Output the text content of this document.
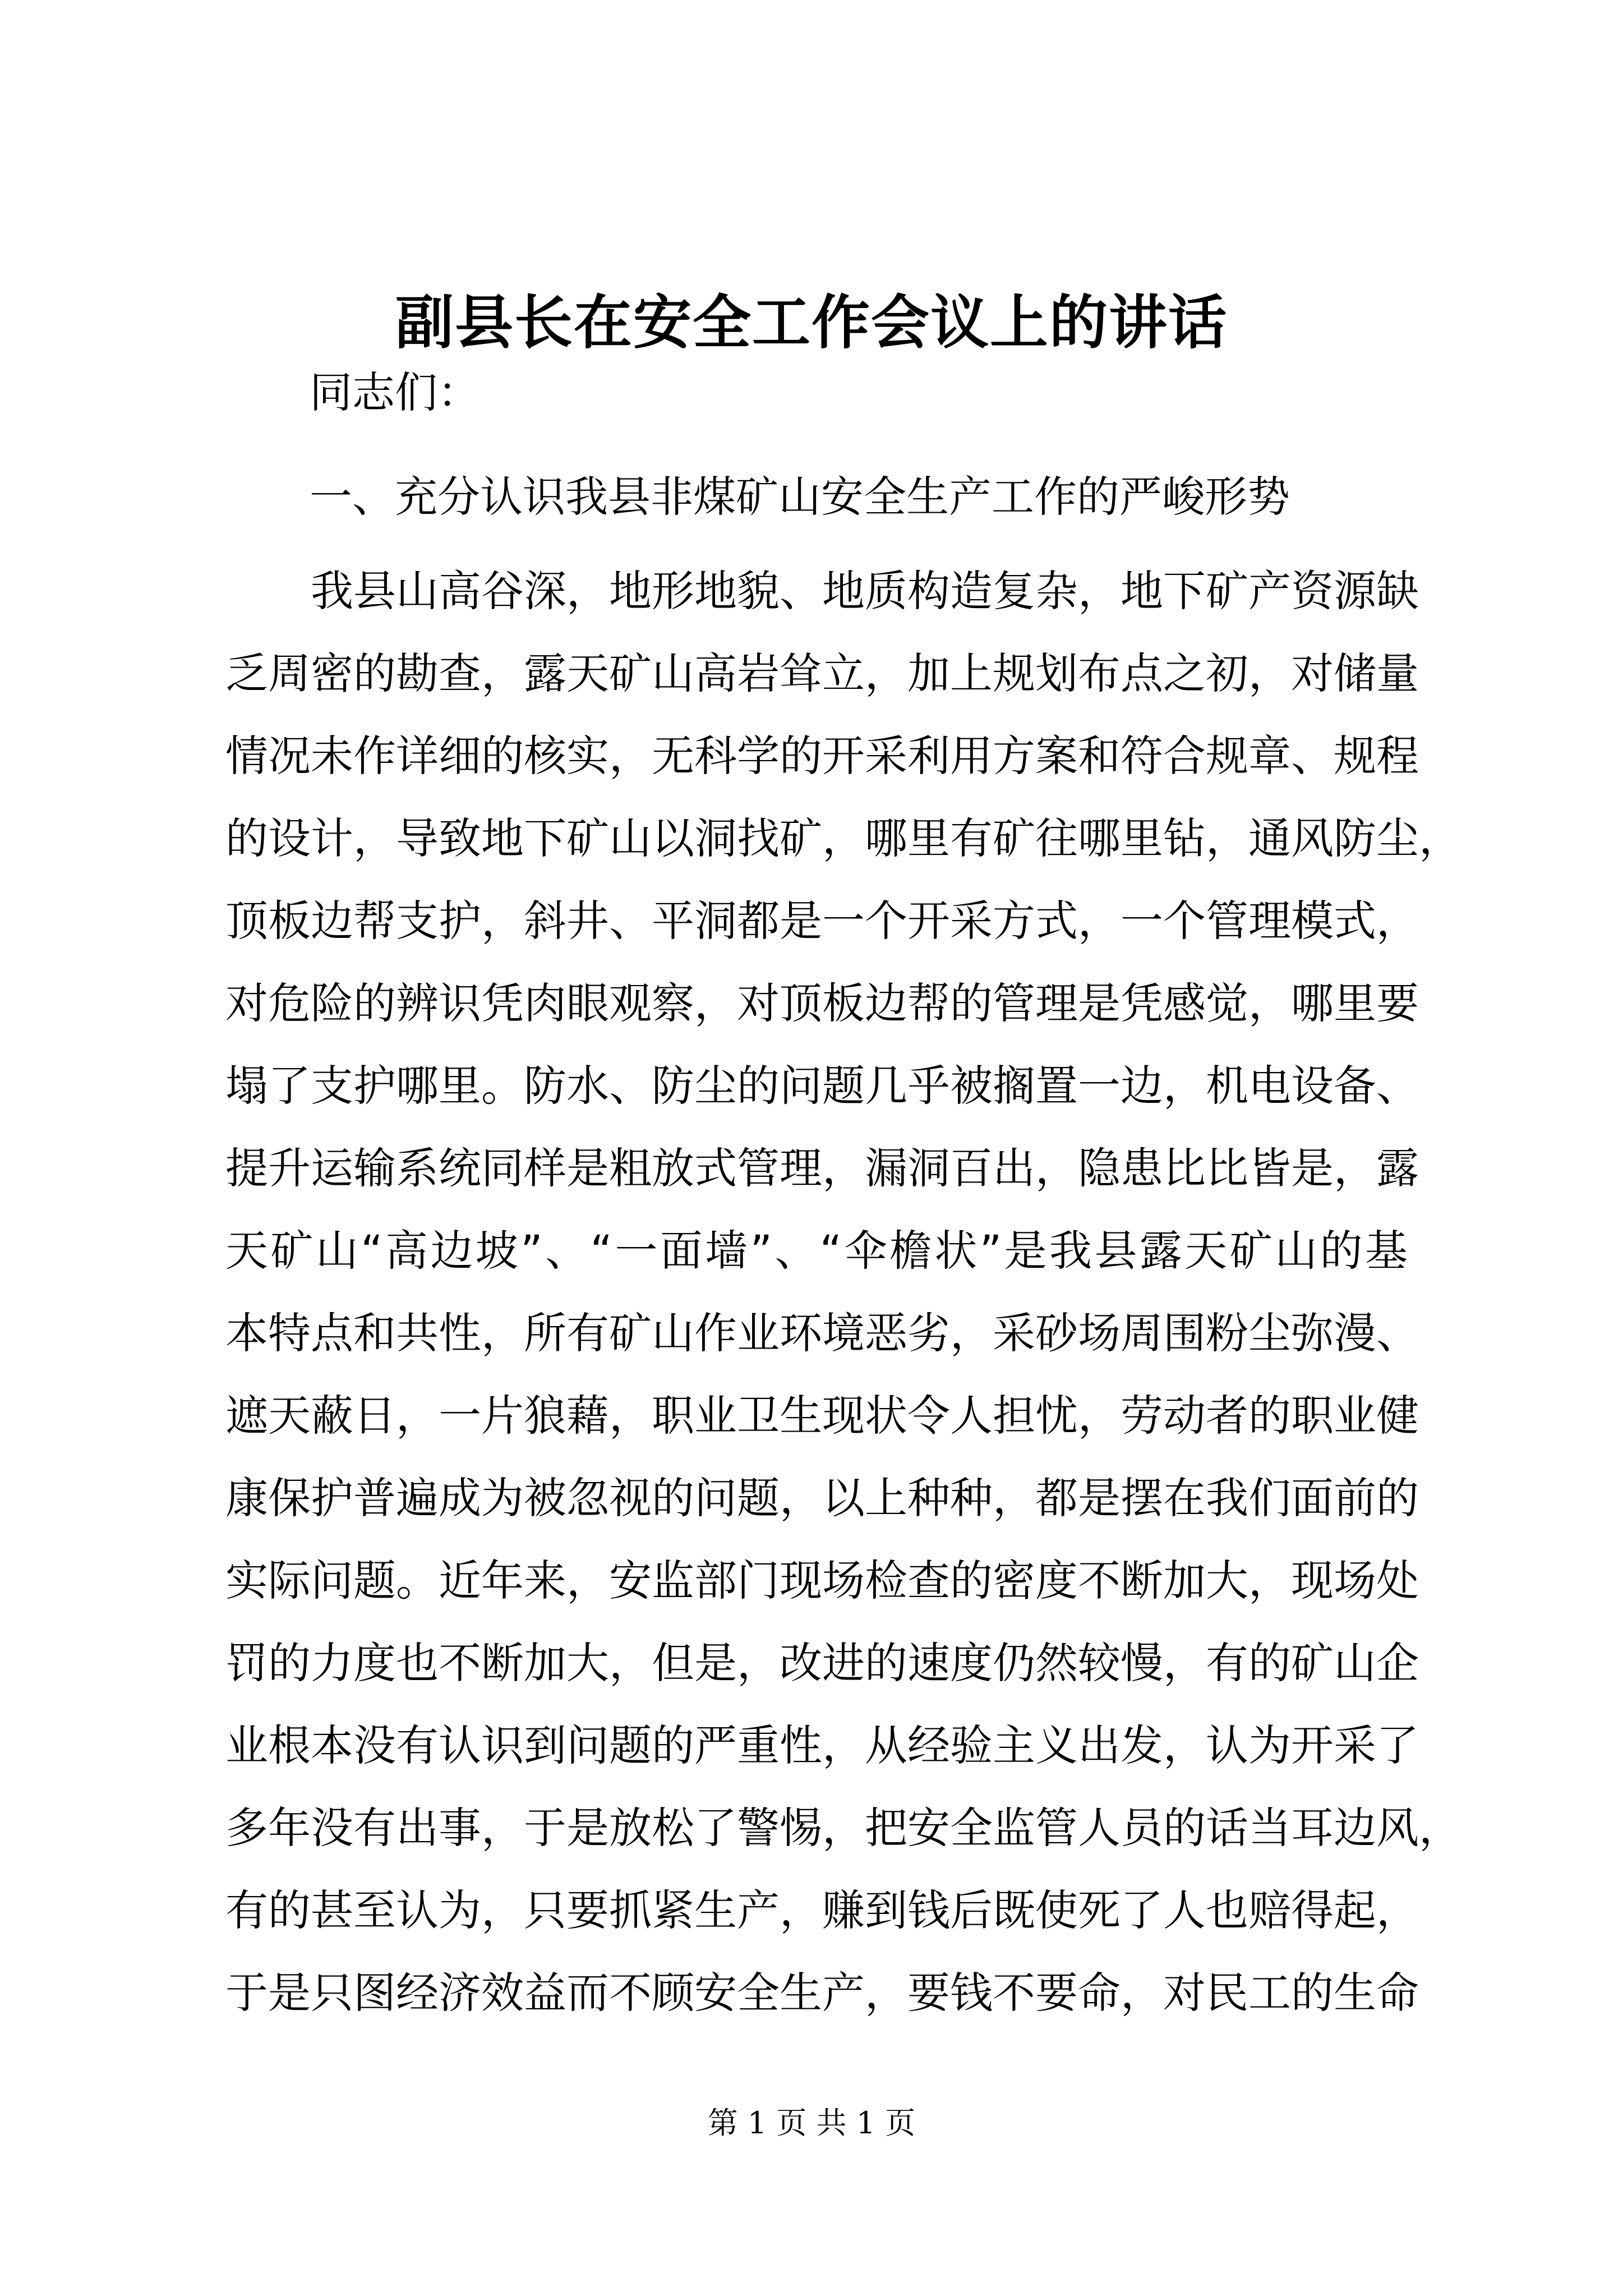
副县长在安全工作会议上的讲话
同志们：
一、充分认识我县非煤矿山安全生产工作的严峻形势
我县山高谷深，地形地貌、地质构造复杂，地下矿产资源缺
乏周密的勘查，露天矿山高岩耸立，加上规划布点之初，对储量
情况未作详细的核实，无科学的开采利用方案和符合规章、规程
的设计，导致地下矿山以洞找矿，哪里有矿往哪里钻，通风防尘，
顶板边帮支护，斜井、平洞都是一个开采方式，一个管理模式，
对危险的辨识凭肉眼观察，对顶板边帮的管理是凭感觉，哪里要
塌了支护哪里。防水、防尘的问题几乎被搁置一边，机电设备、
提升运输系统同样是粗放式管理，漏洞百出，隐患比比皆是，露
天矿山“高边坡”、“一面墙”、“伞檐状”是我县露天矿山的基
本特点和共性，所有矿山作业环境恶劣，采砂场周围粉尘弥漫、
遮天蔽日，一片狼藉，职业卫生现状令人担忧，劳动者的职业健
康保护普遍成为被忽视的问题，以上种种，都是摆在我们面前的
实际问题。近年来，安监部门现场检查的密度不断加大，现场处
罚的力度也不断加大，但是，改进的速度仍然较慢，有的矿山企
业根本没有认识到问题的严重性，从经验主义出发，认为开采了
多年没有出事，于是放松了警惕，把安全监管人员的话当耳边风，
有的甚至认为，只要抓紧生产，赚到钱后既使死了人也赔得起，
于是只图经济效益而不顾安全生产，要钱不要命，对民工的生命
第 1 页 共 1 页
